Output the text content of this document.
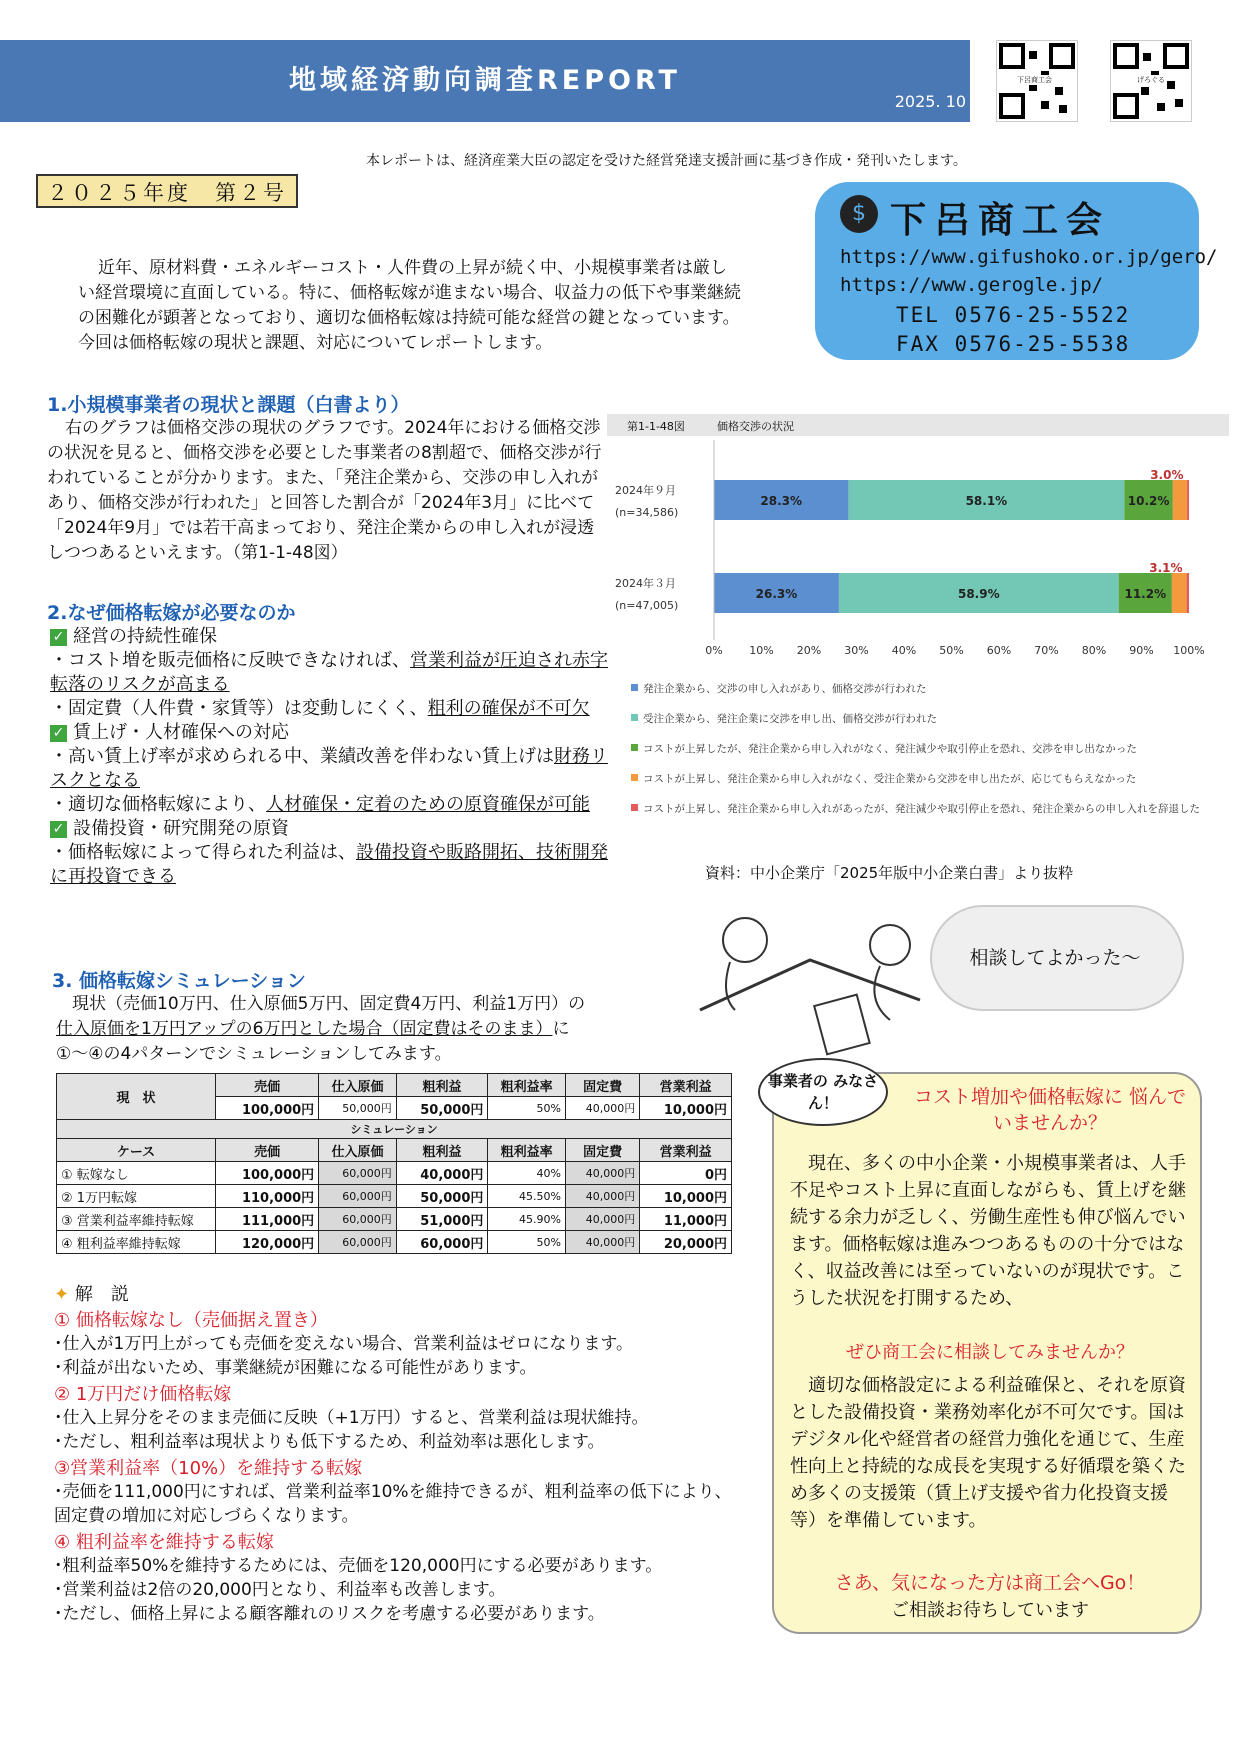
地域経済動向調査REPORT
2025. 10
下呂商工会	げろぐる
本レポートは、経済産業大臣の認定を受けた経営発達支援計画に基づき作成・発刊いたします。
２０２５年度　第２号
$ 下呂商工会
https://www.gifushoko.or.jp/gero/
https://www.gerogle.jp/
TEL 0576-25-5522
FAX 0576-25-5538
近年、原材料費・エネルギーコスト・人件費の上昇が続く中、小規模事業者は厳しい経営環境に直面している。特に、価格転嫁が進まない場合、収益力の低下や事業継続の困難化が顕著となっており、適切な価格転嫁は持続可能な経営の鍵となっています。今回は価格転嫁の現状と課題、対応についてレポートします。
1.小規模事業者の現状と課題（白書より）
右のグラフは価格交渉の現状のグラフです。2024年における価格交渉の状況を見ると、価格交渉を必要とした事業者の8割超で、価格交渉が行われていることが分かります。また、「発注企業から、交渉の申し入れがあり、価格交渉が行われた」と回答した割合が「2024年3月」に比べて「2024年9月」では若干高まっており、発注企業からの申し入れが浸透しつつあるといえます。（第1-1-48図）
2.なぜ価格転嫁が必要なのか
✓ 経営の持続性確保
・コスト増を販売価格に反映できなければ、営業利益が圧迫され赤字転落のリスクが高まる
・固定費（人件費・家賃等）は変動しにくく、粗利の確保が不可欠
✓ 賃上げ・人材確保への対応
・高い賃上げ率が求められる中、業績改善を伴わない賃上げは財務リスクとなる
・適切な価格転嫁により、人材確保・定着のための原資確保が可能
✓ 設備投資・研究開発の原資
・価格転嫁によって得られた利益は、設備投資や販路開拓、技術開発に再投資できる
第1-1-48図	価格交渉の状況
2024年９月
(n=34,586)
28.3%	58.1%	10.2%
3.0%
2024年３月
(n=47,005)
26.3%	58.9%	11.2%
3.1%
0% 10% 20% 30% 40% 50% 60% 70% 80% 90% 100%
発注企業から、交渉の申し入れがあり、価格交渉が行われた
受注企業から、発注企業に交渉を申し出、価格交渉が行われた
コストが上昇したが、発注企業から申し入れがなく、発注減少や取引停止を恐れ、交渉を申し出なかった
コストが上昇し、発注企業から申し入れがなく、受注企業から交渉を申し出たが、応じてもらえなかった
コストが上昇し、発注企業から申し入れがあったが、発注減少や取引停止を恐れ、発注企業からの申し入れを辞退した
資料：中小企業庁「2025年版中小企業白書」より抜粋
相談してよかった～
3. 価格転嫁シミュレーション
現状（売価10万円、仕入原価5万円、固定費4万円、利益1万円）の
仕入原価を1万円アップの6万円とした場合（固定費はそのまま）に
①～④の4パターンでシミュレーションしてみます。
現　状	売価	仕入原価	粗利益	粗利益率	固定費	営業利益
	100,000円	50,000円	50,000円	50%	40,000円	10,000円
シミュレーション						
ケース	売価	仕入原価	粗利益	粗利益率	固定費	営業利益
① 転嫁なし	100,000円	60,000円	40,000円	40%	40,000円	0円
② 1万円転嫁	110,000円	60,000円	50,000円	45.50%	40,000円	10,000円
③ 営業利益率維持転嫁	111,000円	60,000円	51,000円	45.90%	40,000円	11,000円
④ 粗利益率維持転嫁	120,000円	60,000円	60,000円	50%	40,000円	20,000円
✦ 解　説
① 価格転嫁なし（売価据え置き）
･仕入が1万円上がっても売価を変えない場合、営業利益はゼロになります。
･利益が出ないため、事業継続が困難になる可能性があります。
② 1万円だけ価格転嫁
･仕入上昇分をそのまま売価に反映（+1万円）すると、営業利益は現状維持。
･ただし、粗利益率は現状よりも低下するため、利益効率は悪化します。
③営業利益率（10%）を維持する転嫁
･売価を111,000円にすれば、営業利益率10%を維持できるが、粗利益率の低下により、固定費の増加に対応しづらくなります。
④ 粗利益率を維持する転嫁
･粗利益率50%を維持するためには、売価を120,000円にする必要があります。
･営業利益は2倍の20,000円となり、利益率も改善します。
･ただし、価格上昇による顧客離れのリスクを考慮する必要があります。
事業者の みなさん！	コスト増加や価格転嫁に 悩んでいませんか？
現在、多くの中小企業・小規模事業者は、人手不足やコスト上昇に直面しながらも、賃上げを継続する余力が乏しく、労働生産性も伸び悩んでいます。価格転嫁は進みつつあるものの十分ではなく、収益改善には至っていないのが現状です。こうした状況を打開するため、
ぜひ商工会に相談してみませんか？
適切な価格設定による利益確保と、それを原資とした設備投資・業務効率化が不可欠です。国はデジタル化や経営者の経営力強化を通じて、生産性向上と持続的な成長を実現する好循環を築くため多くの支援策（賃上げ支援や省力化投資支援等）を準備しています。
さあ、気になった方は商工会へGo！
ご相談お待ちしています
